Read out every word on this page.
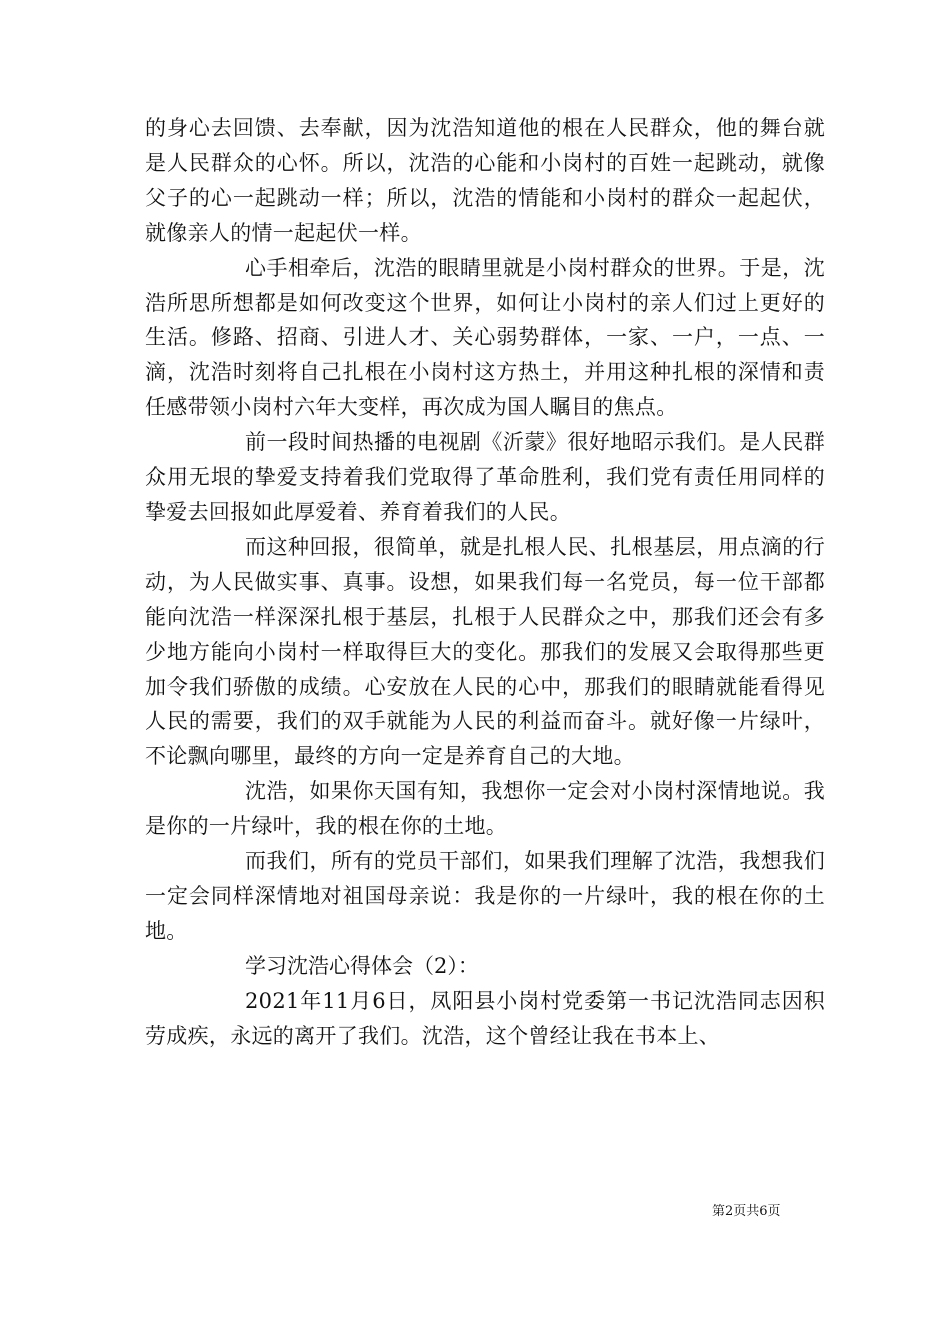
的身心去回馈、去奉献，因为沈浩知道他的根在人民群众，他的舞台就是人民群众的心怀。所以，沈浩的心能和小岗村的百姓一起跳动，就像父子的心一起跳动一样；所以，沈浩的情能和小岗村的群众一起起伏，就像亲人的情一起起伏一样。

心手相牵后，沈浩的眼睛里就是小岗村群众的世界。于是，沈浩所思所想都是如何改变这个世界，如何让小岗村的亲人们过上更好的生活。修路、招商、引进人才、关心弱势群体，一家、一户，一点、一滴，沈浩时刻将自己扎根在小岗村这方热土，并用这种扎根的深情和责任感带领小岗村六年大变样，再次成为国人瞩目的焦点。

前一段时间热播的电视剧《沂蒙》很好地昭示我们。是人民群众用无垠的挚爱支持着我们党取得了革命胜利，我们党有责任用同样的挚爱去回报如此厚爱着、养育着我们的人民。

而这种回报，很简单，就是扎根人民、扎根基层，用点滴的行动，为人民做实事、真事。设想，如果我们每一名党员，每一位干部都能向沈浩一样深深扎根于基层，扎根于人民群众之中，那我们还会有多少地方能向小岗村一样取得巨大的变化。那我们的发展又会取得那些更加令我们骄傲的成绩。心安放在人民的心中，那我们的眼睛就能看得见人民的需要，我们的双手就能为人民的利益而奋斗。就好像一片绿叶，不论飘向哪里，最终的方向一定是养育自己的大地。

沈浩，如果你天国有知，我想你一定会对小岗村深情地说。我是你的一片绿叶，我的根在你的土地。

而我们，所有的党员干部们，如果我们理解了沈浩，我想我们一定会同样深情地对祖国母亲说：我是你的一片绿叶，我的根在你的土地。

学习沈浩心得体会（2）：

2021年11月6日，凤阳县小岗村党委第一书记沈浩同志因积劳成疾，永远的离开了我们。沈浩，这个曾经让我在书本上、

第2页共6页
